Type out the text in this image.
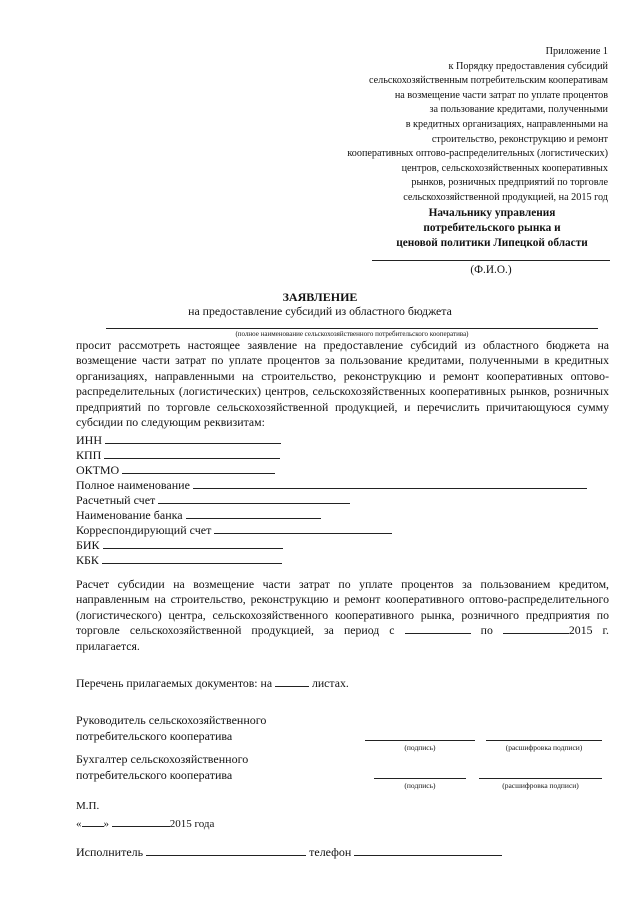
Приложение 1
к Порядку предоставления субсидий
сельскохозяйственным потребительским кооперативам
на возмещение части затрат по уплате процентов
за пользование кредитами, полученными
в кредитных организациях, направленными на
строительство, реконструкцию и ремонт
кооперативных оптово-распределительных (логистических)
центров, сельскохозяйственных кооперативных
рынков, розничных предприятий по торговле
сельскохозяйственной продукцией, на 2015 год
Начальнику управления
потребительского рынка и
ценовой политики Липецкой области
(Ф.И.О.)
ЗАЯВЛЕНИЕ
на предоставление субсидий из областного бюджета
(полное наименование сельскохозяйственного потребительского кооператива)
просит рассмотреть настоящее заявление на предоставление субсидий из областного бюджета на возмещение части затрат по уплате процентов за пользование кредитами, полученными в кредитных организациях, направленными на строительство, реконструкцию и ремонт кооперативных оптово-распределительных (логистических) центров, сельскохозяйственных кооперативных рынков, розничных предприятий по торговле сельскохозяйственной продукцией, и перечислить причитающуюся сумму субсидии по следующим реквизитам:
ИНН
КПП
ОКТМО
Полное наименование
Расчетный счет
Наименование банка
Корреспондирующий счет
БИК
КБК
Расчет субсидии на возмещение части затрат по уплате процентов за пользованием кредитом, направленным на строительство, реконструкцию и ремонт кооперативного оптово-распределительного (логистического) центра, сельскохозяйственного кооперативного рынка, розничного предприятия по торговле сельскохозяйственной продукцией, за период с	по	2015 г. прилагается.
Перечень прилагаемых документов: на	листах.
Руководитель сельскохозяйственного
потребительского кооператива
(подпись)	(расшифровка подписи)
Бухгалтер сельскохозяйственного
потребительского кооператива
(подпись)	(расшифровка подписи)
М.П.
« »	2015 года
Исполнитель	телефон
